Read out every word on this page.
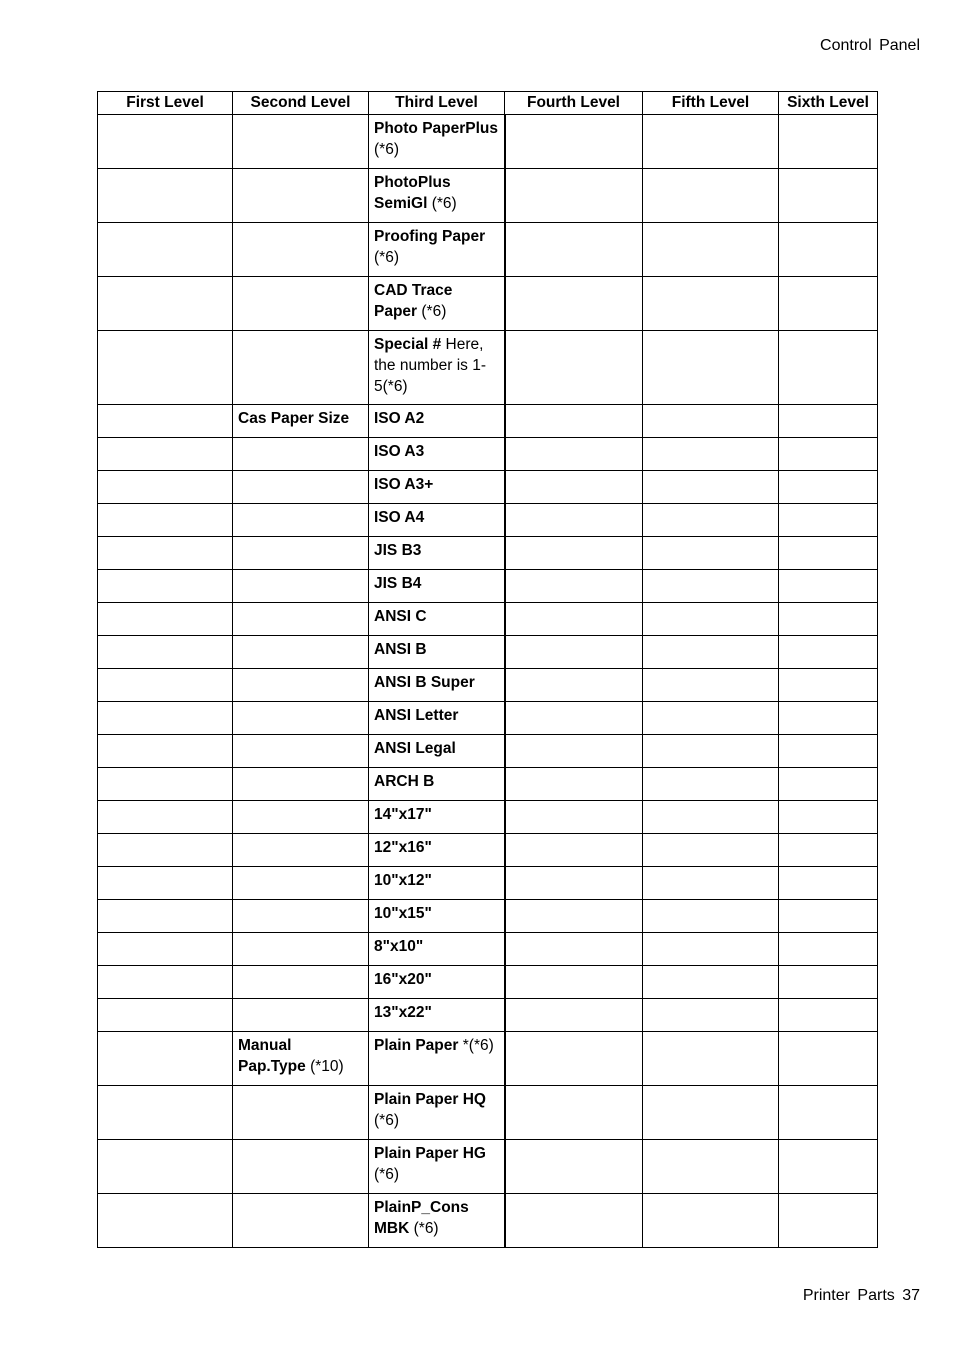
Control Panel
First Level	Second Level	Third Level	Fourth Level	Fifth Level	Sixth Level
		Photo PaperPlus (*6)			
		PhotoPlus SemiGl (*6)			
		Proofing Paper (*6)			
		CAD Trace Paper (*6)			
		Special # Here, the number is 1-5(*6)			
	Cas Paper Size	ISO A2			
		ISO A3			
		ISO A3+			
		ISO A4			
		JIS B3			
		JIS B4			
		ANSI C			
		ANSI B			
		ANSI B Super			
		ANSI Letter			
		ANSI Legal			
		ARCH B			
		14"x17"			
		12"x16"			
		10"x12"			
		10"x15"			
		8"x10"			
		16"x20"			
		13"x22"			
	Manual Pap.Type (*10)	Plain Paper *(*6)			
		Plain Paper HQ (*6)			
		Plain Paper HG (*6)			
		PlainP_Cons MBK (*6)			
Printer Parts 37
